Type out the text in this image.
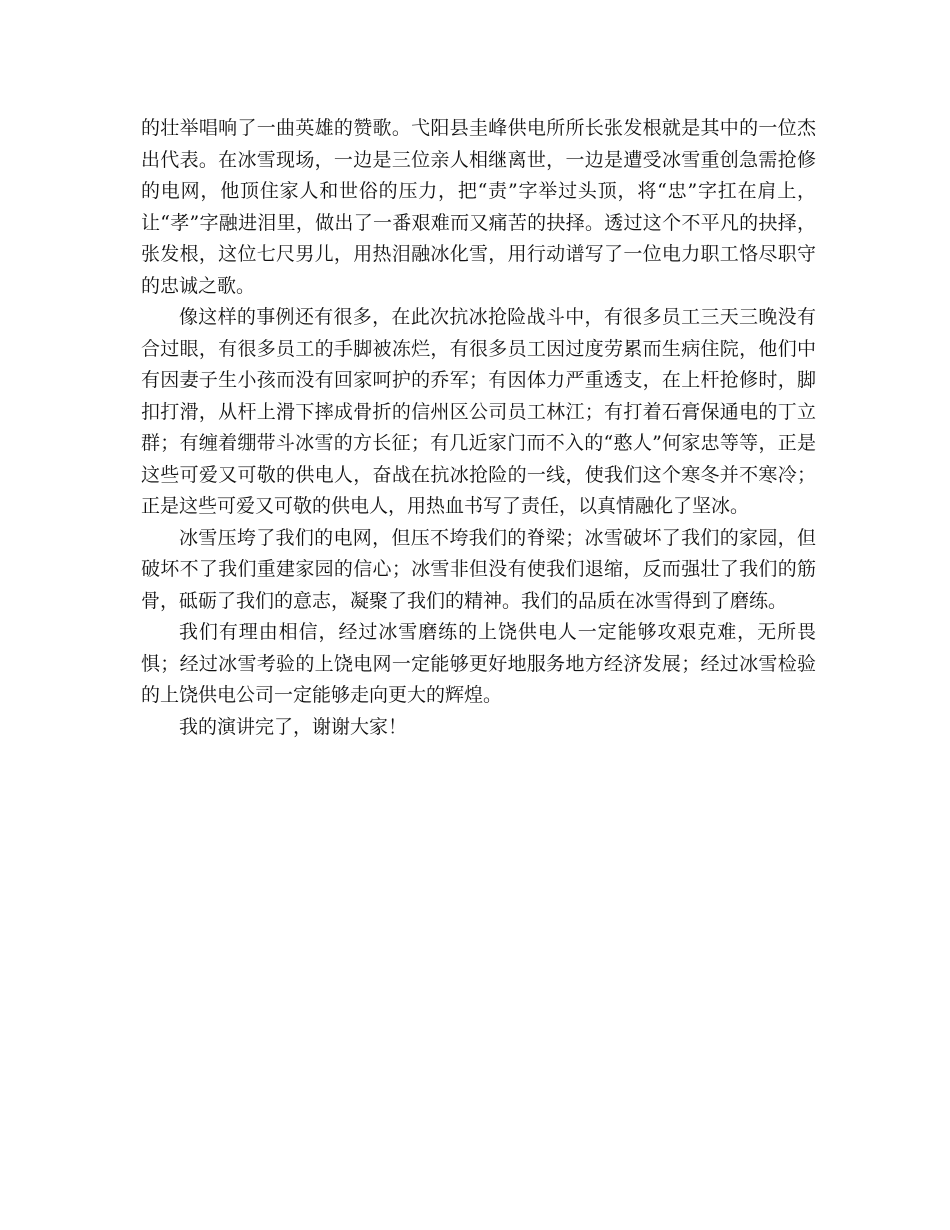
的壮举唱响了一曲英雄的赞歌。弋阳县圭峰供电所所长张发根就是其中的一位杰出代表。在冰雪现场，一边是三位亲人相继离世，一边是遭受冰雪重创急需抢修的电网，他顶住家人和世俗的压力，把“责”字举过头顶，将“忠”字扛在肩上，让“孝”字融进泪里，做出了一番艰难而又痛苦的抉择。透过这个不平凡的抉择，张发根，这位七尺男儿，用热泪融冰化雪，用行动谱写了一位电力职工恪尽职守的忠诚之歌。

像这样的事例还有很多，在此次抗冰抢险战斗中，有很多员工三天三晚没有合过眼，有很多员工的手脚被冻烂，有很多员工因过度劳累而生病住院，他们中有因妻子生小孩而没有回家呵护的乔军；有因体力严重透支，在上杆抢修时，脚扣打滑，从杆上滑下摔成骨折的信州区公司员工林江；有打着石膏保通电的丁立群；有缠着绷带斗冰雪的方长征；有几近家门而不入的“憨人”何家忠等等，正是这些可爱又可敬的供电人，奋战在抗冰抢险的一线，使我们这个寒冬并不寒冷；正是这些可爱又可敬的供电人，用热血书写了责任，以真情融化了坚冰。

冰雪压垮了我们的电网，但压不垮我们的脊梁；冰雪破坏了我们的家园，但破坏不了我们重建家园的信心；冰雪非但没有使我们退缩，反而强壮了我们的筋骨，砥砺了我们的意志，凝聚了我们的精神。我们的品质在冰雪得到了磨练。

我们有理由相信，经过冰雪磨练的上饶供电人一定能够攻艰克难，无所畏惧；经过冰雪考验的上饶电网一定能够更好地服务地方经济发展；经过冰雪检验的上饶供电公司一定能够走向更大的辉煌。

我的演讲完了，谢谢大家！
